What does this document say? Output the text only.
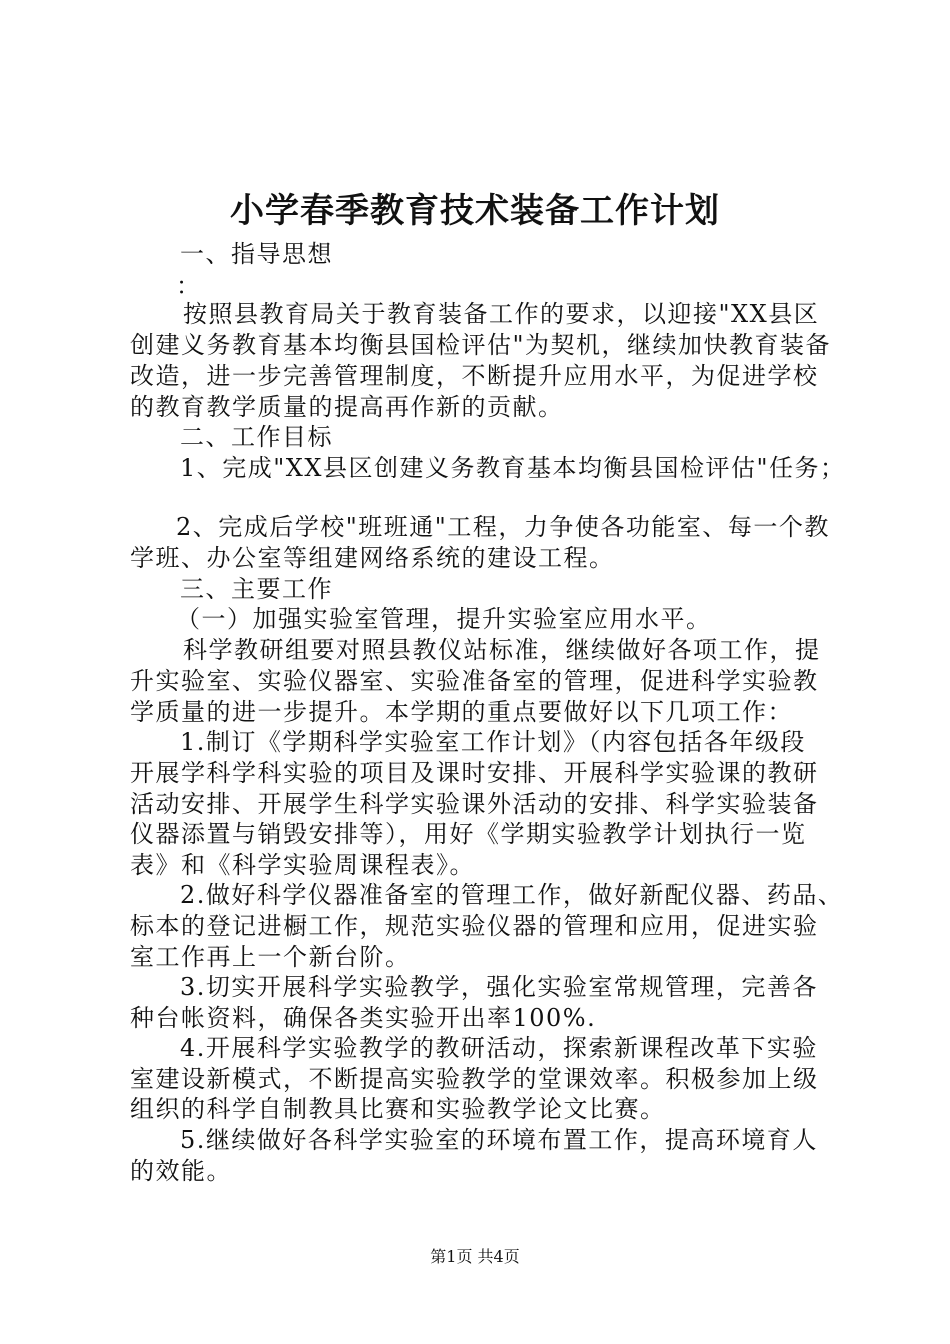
小学春季教育技术装备工作计划
一、指导思想
：
按照县教育局关于教育装备工作的要求，以迎接"XX县区
创建义务教育基本均衡县国检评估"为契机，继续加快教育装备
改造，进一步完善管理制度，不断提升应用水平，为促进学校
的教育教学质量的提高再作新的贡献。
二、工作目标
1、完成"XX县区创建义务教育基本均衡县国检评估"任务；
2、完成后学校"班班通"工程，力争使各功能室、每一个教
学班、办公室等组建网络系统的建设工程。
三、主要工作
（一）加强实验室管理，提升实验室应用水平。
科学教研组要对照县教仪站标准，继续做好各项工作，提
升实验室、实验仪器室、实验准备室的管理，促进科学实验教
学质量的进一步提升。本学期的重点要做好以下几项工作：
1.制订《学期科学实验室工作计划》（内容包括各年级段
开展学科学科实验的项目及课时安排、开展科学实验课的教研
活动安排、开展学生科学实验课外活动的安排、科学实验装备
仪器添置与销毁安排等），用好《学期实验教学计划执行一览
表》和《科学实验周课程表》。
2.做好科学仪器准备室的管理工作，做好新配仪器、药品、
标本的登记进橱工作，规范实验仪器的管理和应用，促进实验
室工作再上一个新台阶。
3.切实开展科学实验教学，强化实验室常规管理，完善各
种台帐资料，确保各类实验开出率100%.
4.开展科学实验教学的教研活动，探索新课程改革下实验
室建设新模式，不断提高实验教学的堂课效率。积极参加上级
组织的科学自制教具比赛和实验教学论文比赛。
5.继续做好各科学实验室的环境布置工作，提高环境育人
的效能。
第1页 共4页
